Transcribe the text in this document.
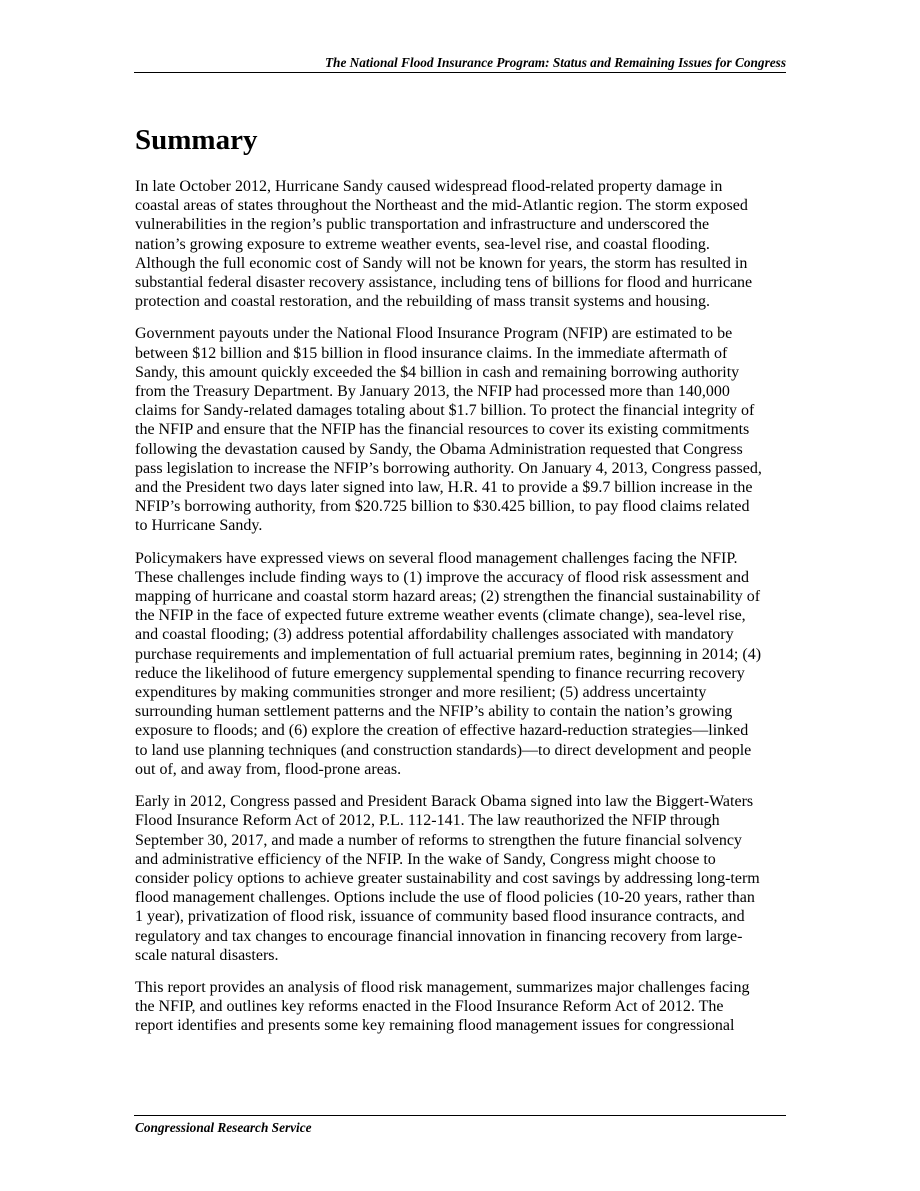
The National Flood Insurance Program: Status and Remaining Issues for Congress
Summary

In late October 2012, Hurricane Sandy caused widespread flood-related property damage in
coastal areas of states throughout the Northeast and the mid-Atlantic region. The storm exposed
vulnerabilities in the region’s public transportation and infrastructure and underscored the
nation’s growing exposure to extreme weather events, sea-level rise, and coastal flooding.
Although the full economic cost of Sandy will not be known for years, the storm has resulted in
substantial federal disaster recovery assistance, including tens of billions for flood and hurricane
protection and coastal restoration, and the rebuilding of mass transit systems and housing.

Government payouts under the National Flood Insurance Program (NFIP) are estimated to be
between $12 billion and $15 billion in flood insurance claims. In the immediate aftermath of
Sandy, this amount quickly exceeded the $4 billion in cash and remaining borrowing authority
from the Treasury Department. By January 2013, the NFIP had processed more than 140,000
claims for Sandy-related damages totaling about $1.7 billion. To protect the financial integrity of
the NFIP and ensure that the NFIP has the financial resources to cover its existing commitments
following the devastation caused by Sandy, the Obama Administration requested that Congress
pass legislation to increase the NFIP’s borrowing authority. On January 4, 2013, Congress passed,
and the President two days later signed into law, H.R. 41 to provide a $9.7 billion increase in the
NFIP’s borrowing authority, from $20.725 billion to $30.425 billion, to pay flood claims related
to Hurricane Sandy.

Policymakers have expressed views on several flood management challenges facing the NFIP.
These challenges include finding ways to (1) improve the accuracy of flood risk assessment and
mapping of hurricane and coastal storm hazard areas; (2) strengthen the financial sustainability of
the NFIP in the face of expected future extreme weather events (climate change), sea-level rise,
and coastal flooding; (3) address potential affordability challenges associated with mandatory
purchase requirements and implementation of full actuarial premium rates, beginning in 2014; (4)
reduce the likelihood of future emergency supplemental spending to finance recurring recovery
expenditures by making communities stronger and more resilient; (5) address uncertainty
surrounding human settlement patterns and the NFIP’s ability to contain the nation’s growing
exposure to floods; and (6) explore the creation of effective hazard-reduction strategies—linked
to land use planning techniques (and construction standards)—to direct development and people
out of, and away from, flood-prone areas.

Early in 2012, Congress passed and President Barack Obama signed into law the Biggert-Waters
Flood Insurance Reform Act of 2012, P.L. 112-141. The law reauthorized the NFIP through
September 30, 2017, and made a number of reforms to strengthen the future financial solvency
and administrative efficiency of the NFIP. In the wake of Sandy, Congress might choose to
consider policy options to achieve greater sustainability and cost savings by addressing long-term
flood management challenges. Options include the use of flood policies (10-20 years, rather than
1 year), privatization of flood risk, issuance of community based flood insurance contracts, and
regulatory and tax changes to encourage financial innovation in financing recovery from large-
scale natural disasters.

This report provides an analysis of flood risk management, summarizes major challenges facing
the NFIP, and outlines key reforms enacted in the Flood Insurance Reform Act of 2012. The
report identifies and presents some key remaining flood management issues for congressional

Congressional Research Service
